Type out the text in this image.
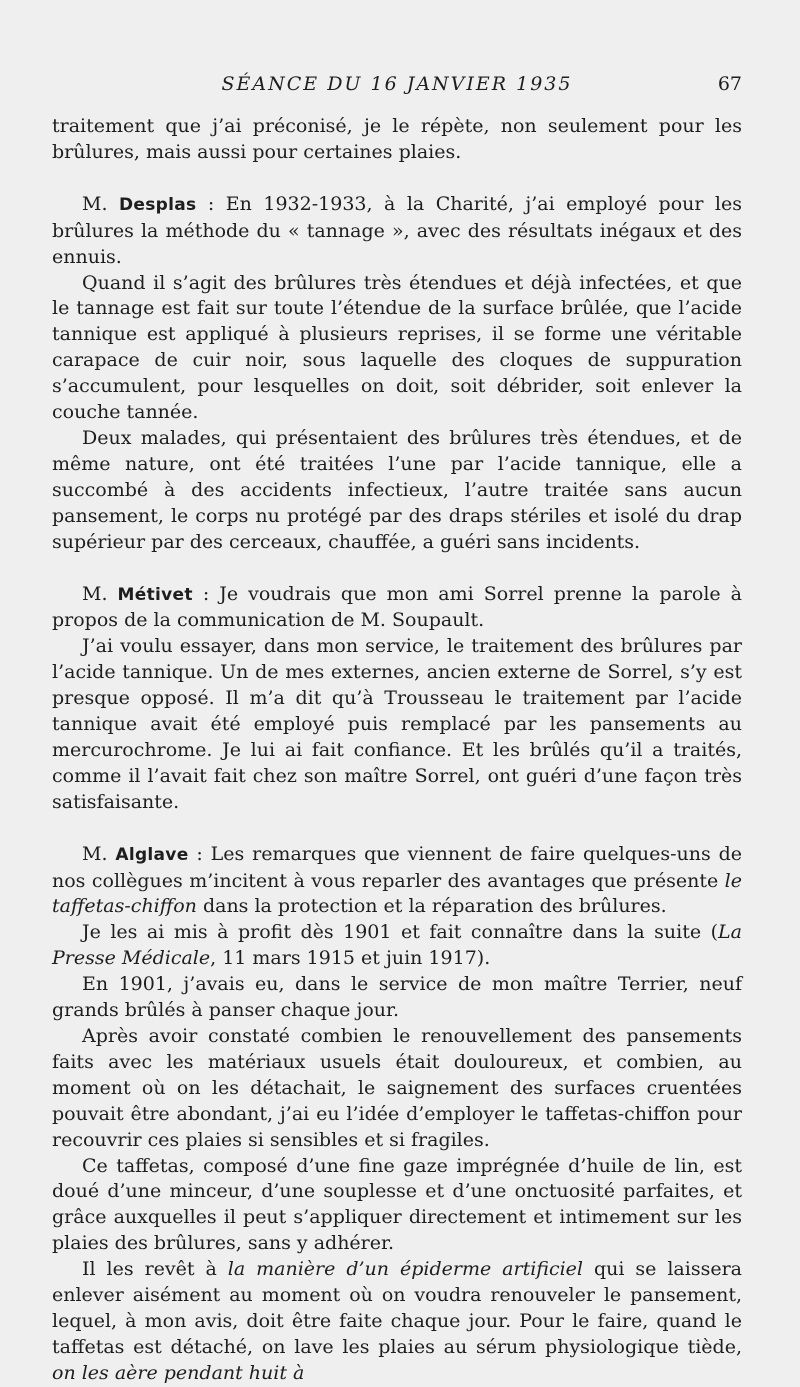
SÉANCE DU 16 JANVIER 1935	67

traitement que j’ai préconisé, je le répète, non seulement pour les brûlures, mais aussi pour certaines plaies.

M. Desplas : En 1932-1933, à la Charité, j’ai employé pour les brûlures la méthode du « tannage », avec des résultats inégaux et des ennuis.

Quand il s’agit des brûlures très étendues et déjà infectées, et que le tannage est fait sur toute l’étendue de la surface brûlée, que l’acide tannique est appliqué à plusieurs reprises, il se forme une véritable carapace de cuir noir, sous laquelle des cloques de suppuration s’accumulent, pour lesquelles on doit, soit débrider, soit enlever la couche tannée.

Deux malades, qui présentaient des brûlures très étendues, et de même nature, ont été traitées l’une par l’acide tannique, elle a succombé à des accidents infectieux, l’autre traitée sans aucun pansement, le corps nu protégé par des draps stériles et isolé du drap supérieur par des cerceaux, chauffée, a guéri sans incidents.

M. Métivet : Je voudrais que mon ami Sorrel prenne la parole à propos de la communication de M. Soupault.

J’ai voulu essayer, dans mon service, le traitement des brûlures par l’acide tannique. Un de mes externes, ancien externe de Sorrel, s’y est presque opposé. Il m’a dit qu’à Trousseau le traitement par l’acide tannique avait été employé puis remplacé par les pansements au mercurochrome. Je lui ai fait confiance. Et les brûlés qu’il a traités, comme il l’avait fait chez son maître Sorrel, ont guéri d’une façon très satisfaisante.

M. Alglave : Les remarques que viennent de faire quelques-uns de nos collègues m’incitent à vous reparler des avantages que présente le taffetas-chiffon dans la protection et la réparation des brûlures.

Je les ai mis à profit dès 1901 et fait connaître dans la suite (La Presse Médicale, 11 mars 1915 et juin 1917).

En 1901, j’avais eu, dans le service de mon maître Terrier, neuf grands brûlés à panser chaque jour.

Après avoir constaté combien le renouvellement des pansements faits avec les matériaux usuels était douloureux, et combien, au moment où on les détachait, le saignement des surfaces cruentées pouvait être abondant, j’ai eu l’idée d’employer le taffetas-chiffon pour recouvrir ces plaies si sensibles et si fragiles.

Ce taffetas, composé d’une fine gaze imprégnée d’huile de lin, est doué d’une minceur, d’une souplesse et d’une onctuosité parfaites, et grâce auxquelles il peut s’appliquer directement et intimement sur les plaies des brûlures, sans y adhérer.

Il les revêt à la manière d’un épiderme artificiel qui se laissera enlever aisément au moment où on voudra renouveler le pansement, lequel, à mon avis, doit être faite chaque jour. Pour le faire, quand le taffetas est détaché, on lave les plaies au sérum physiologique tiède, on les aère pendant huit à
